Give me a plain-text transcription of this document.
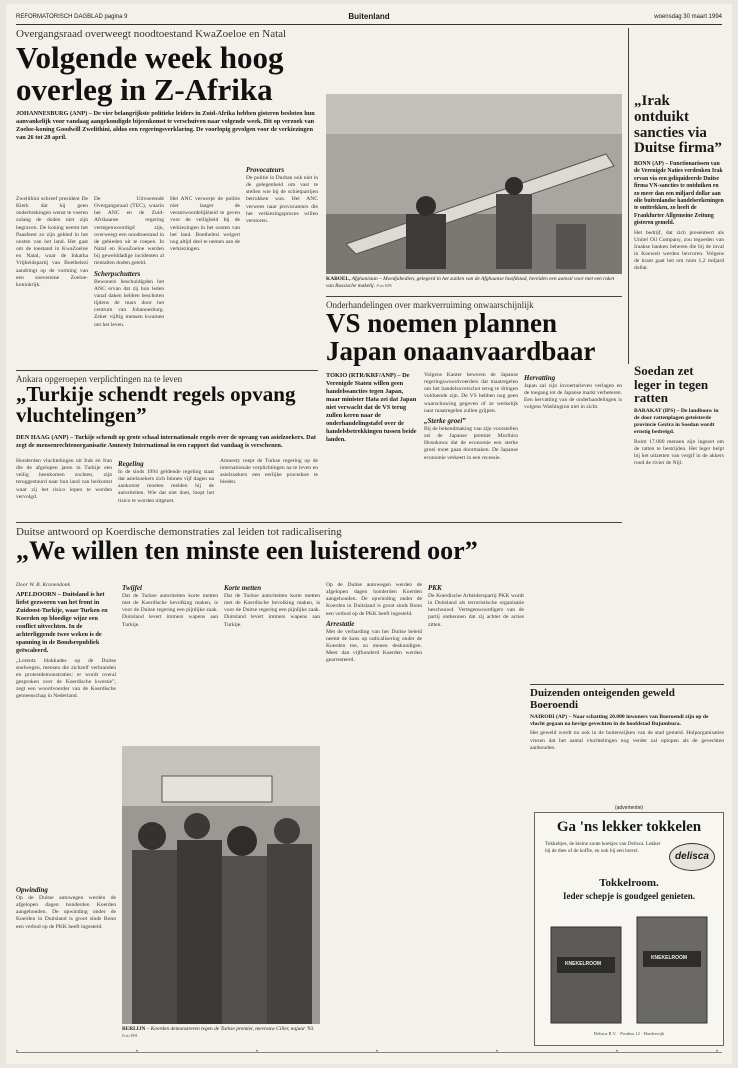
REFORMATORISCH DAGBLAD pagina 9	Buitenland	woensdag 30 maart 1994

Overgangsraad overweegt noodtoestand KwaZoeloe en Natal

Volgende week hoog overleg in Z-Afrika

JOHANNESBURG (ANP) – De vier belangrijkste politieke leiders in Zuid-Afrika hebben gisteren besloten hun aanvankelijk voor vandaag aangekondigde bijeenkomst te verschuiven naar volgende week. Dit op verzoek van Zoeloe-koning Goodwill Zwelithini, aldus een regeringsverklaring. De voorlopig gevolgen voor de verkiezingen van 26 tot 28 april.

Zwelithini schreef president De Klerk dat hij geen onderbrekingen wenst te voeren zolang de doden niet zijn begraven. De koning neemt het Paasfeest zo zijn gebied in het oosten van het land. Het gaat om de toestand in KwaZoeloe en Natal, waar de Inkatha Vrijheidspartij van Boethelezi aandringt op de vorming van een soevereine Zoeloe-koninkrijk.

De Uitvoerende Overgangsraad (TEC), waarin het ANC en de Zuid-Afrikaanse regering vertegenwoordigd zijn, overweegt een noodtoestand in de gebieden uit te roepen. In Natal en KwaZoeloe werden bij gewelddadige incidenten al tientallen doden geteld.

Scherpschutters

Bewoners beschuldigden het ANC ervan dat zij hun leden vanaf daken hebben beschoten tijdens de mars door het centrum van Johannesburg. Zeker vijftig mensen kwamen om het leven.

Het ANC verwerpt de politie niet langer de verantwoordelijkheid te geven voor de veiligheid bij de verkiezingen in het oosten van het land. Boethelezi weigert nog altijd deel te nemen aan de verkiezingen.

Provocateurs

De politie in Durban ook niet in de gelegenheid om vast te stellen wie bij de schietpartijen betrokken was. Het ANC verwees naar provocateurs die het verkiezingsproces willen verstoren.

KABOEL, Afghanistan – Moedjahedien, gelegerd in het zuiden van de Afghaanse hoofdstad, bereiden een aanval voor met een raket van Russische makelij. Foto EPA
„Irak ontduikt sancties via Duitse firma”

BONN (AP) – Functionarissen van de Verenigde Naties verdenken Irak ervan via een geliquideerde Duitse firma VN-sancties te ontduiken en zo meer dan een miljard dollar aan olie buitenlandse handelsrekeningen te onttrekken, zo heeft de Frankfurter Allgemeine Zeitung gisteren gemeld.

Het bedrijf, dat zich presenteert als Unitel Oil Company, zou tegoeden van Iraakse banken beheren die bij de inval in Koeweit werden bevroren. Volgens de krant gaat het om ruim 1,2 miljard dollar.

Onderhandelingen over markverruiming onwaarschijnlijk

VS noemen plannen Japan onaanvaardbaar

TOKIO (RTR/KRF/ANP) – De Verenigde Staten willen geen handelssancties tegen Japan, maar minister Hata zei dat Japan niet verwacht dat de VS terug zullen keren naar de onderhandelingstafel over de handelsbetrekkingen tussen beide landen.

Volgens Kanter beweren de Japanse regeringswoordvoerders dat maatregelen om het handelsoverschot terug te dringen voldoende zijn. De VS hebben nog geen waarschuwing gegeven of ze werkelijk naar maatregelen zullen grijpen.

„Sterke groei”

Bij de bekendmaking van zijn voorstellen zei de Japanse premier Morihiro Hosokawa dat de economie een sterke groei moet gaan doormaken. De Japanse economie verkeert in een recessie.

Hervatting

Japan zal zijn invoertarieven verlagen en de toegang tot de Japanse markt verbeteren. Een hervatting van de onderhandelingen is volgens Washington niet in zicht.

Soedan zet leger in tegen ratten

BARAKAT (IPS) – De landbouw in de door rattenplagen geteisterde provincie Gezira in Soedan wordt ernstig bedreigd.

Ruim 17.000 mensen zijn ingezet om de ratten te bestrijden. Het leger helpt bij het uitzetten van vergif in de akkers rond de rivier de Nijl.

Ankara opgeroepen verplichtingen na te leven

„Turkije schendt regels opvang vluchtelingen”

DEN HAAG (ANP) – Turkije schendt op grote schaal internationale regels over de opvang van asielzoekers. Dat zegt de mensenrechtenorganisatie Amnesty International in een rapport dat vandaag is verschenen.

Honderden vluchtelingen uit Irak en Iran die de afgelopen jaren in Turkije een veilig heenkomen zochten, zijn teruggestuurd naar hun land van herkomst waar zij het risico lopen te worden vervolgd.

Regeling

In de sinds 1994 geldende regeling staat dat asielzoekers zich binnen vijf dagen na aankomst moeten melden bij de autoriteiten. Wie dat niet doet, loopt het risico te worden uitgezet.

Amnesty roept de Turkse regering op de internationale verplichtingen na te leven en asielzoekers een eerlijke procedure te bieden.

Duitse antwoord op Koerdische demonstraties zal leiden tot radicalisering

„We willen ten minste een luisterend oor”

Door W. B. Kranendonk

APELDOORN – Duitsland is het liefst gezworen van het front in Zuidoost-Turkije, waar Turken en Koerden op bloedige wijze een conflict uitvechten. In de achterliggende twee weken is de spanning in de Bondsrepubliek geëscaleerd.

„Lorentz blokkades op de Duitse snelwegen, mensen die zichzelf verbranden en protestdemonstraties: er wordt overal gesproken over de Koerdische kwestie”, zegt een woordvoerder van de Koerdische gemeenschap in Nederland.

Twijfel

Dat de Turkse autoriteiten korte metten met de Koerdische bevolking maken, is voor de Duitse regering een pijnlijke zaak. Duitsland levert immers wapens aan Turkije.

Korte metten

Dat de Turkse autoriteiten korte metten met de Koerdische bevolking maken, is voor de Duitse regering een pijnlijke zaak. Duitsland levert immers wapens aan Turkije.

Op de Duitse autowegen werden de afgelopen dagen honderden Koerden aangehouden. De opwinding onder de Koerden in Duitsland is groot sinds Bonn een verbod op de PKK heeft ingesteld.

Arrestatie

Met de verharding van het Duitse beleid neemt de kans op radicalisering onder de Koerden toe, zo menen deskundigen. Meer dan vijfhonderd Koerden werden gearresteerd.

PKK

De Koerdische Arbeiderspartij PKK wordt in Duitsland als terroristische organisatie beschouwd. Vertegenwoordigers van de partij ontkennen dat zij achter de acties zitten.

Opwinding

Op de Duitse autowegen werden de afgelopen dagen honderden Koerden aangehouden. De opwinding onder de Koerden in Duitsland is groot sinds Bonn een verbod op de PKK heeft ingesteld.

BERLIJN – Koerden demonstreren tegen de Turkse premier, mevrouw Ciller, najaar '93. Foto EPA
Duizenden onteigenden geweld Boeroendi

NAIROBI (AP) – Naar schatting 20.000 inwoners van Boeroendi zijn op de vlucht gegaan na hevige gevechten in de hoofdstad Bujumbura.

Het geweld wordt nu ook in de buitenwijken van de stad gemeld. Hulporganisaties vrezen dat het aantal vluchtelingen nog verder zal oplopen als de gevechten aanhouden.

(advertentie)
Ga 'ns lekker tokkelen
Tokkeltjes, de kleine zoute koekjes van Delisca. Lekker bij de thee of de koffie, en ook bij een borrel.
delisca
Tokkelroom.
Ieder schepje is goudgeel genieten.
KNEKELROOM
KNEKELROOM
Delisca B.V. · Postbus 12 · Harderwijk
•	•	•	•	•	•	•
